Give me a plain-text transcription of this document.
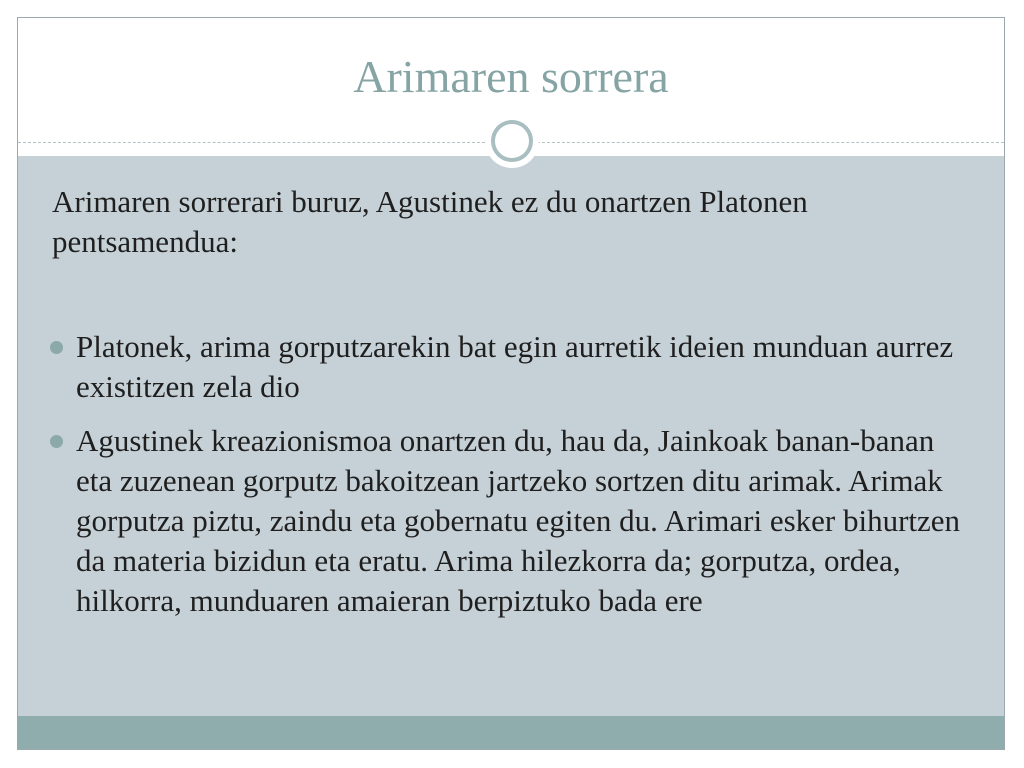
Arimaren sorrera
Arimaren sorrerari buruz, Agustinek ez du onartzen Platonen pentsamendua:
Platonek, arima gorputzarekin bat egin aurretik ideien munduan aurrez existitzen zela dio
Agustinek kreazionismoa onartzen du, hau da, Jainkoak banan-banan eta zuzenean gorputz bakoitzean jartzeko sortzen ditu arimak. Arimak gorputza piztu, zaindu eta gobernatu egiten du. Arimari esker bihurtzen da materia bizidun eta eratu. Arima hilezkorra da; gorputza, ordea, hilkorra, munduaren amaieran berpiztuko bada ere
